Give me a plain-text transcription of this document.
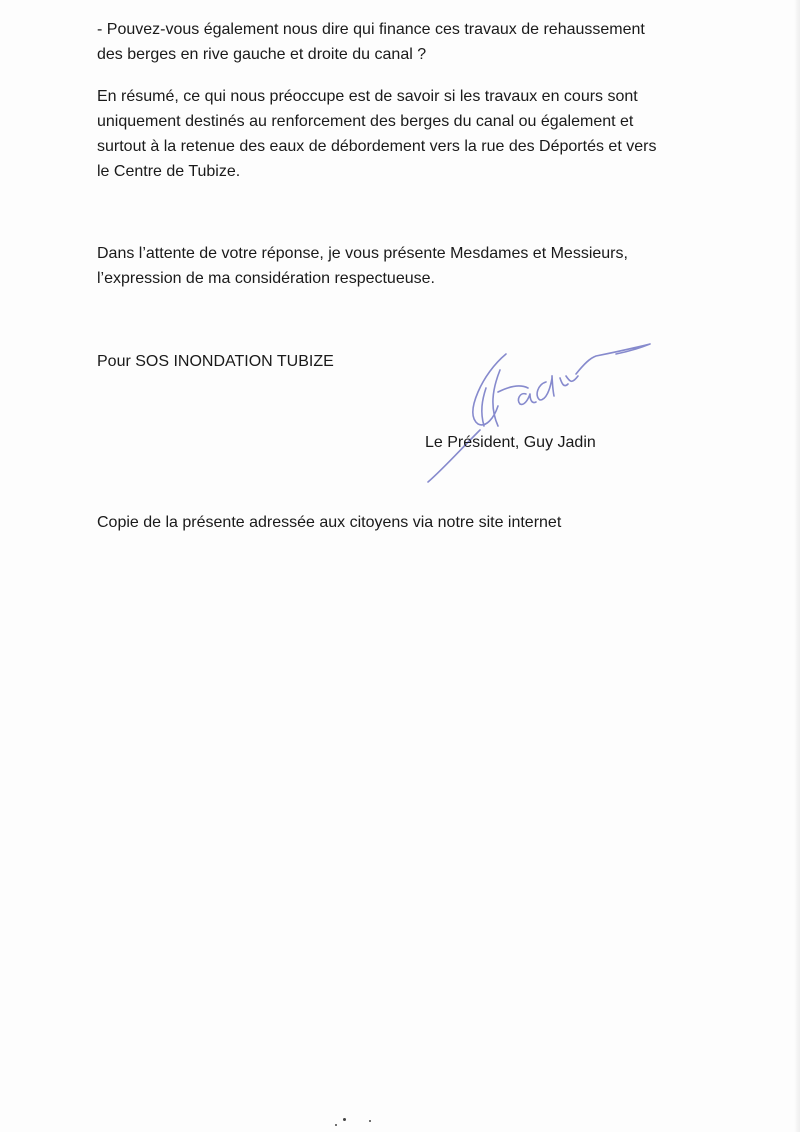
- Pouvez-vous également nous dire qui finance ces travaux de rehaussement
des berges en rive gauche et droite du canal ?

En résumé, ce qui nous préoccupe est de savoir si les travaux en cours sont
uniquement destinés au renforcement des berges du canal ou également et
surtout à la retenue des eaux de débordement vers la rue des Déportés et vers
le Centre de Tubize.

Dans l’attente de votre réponse, je vous présente Mesdames et Messieurs,
l’expression de ma considération respectueuse.

Pour SOS INONDATION TUBIZE

Le Président, Guy Jadin

Copie de la présente adressée aux citoyens via notre site internet
